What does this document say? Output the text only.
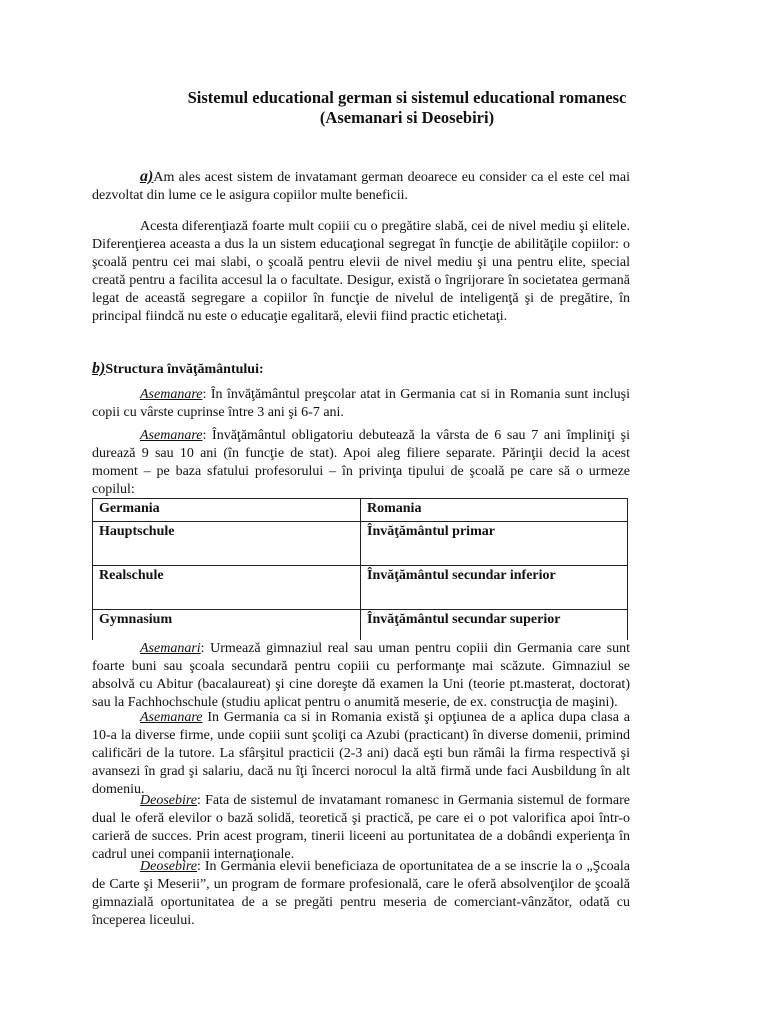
Sistemul educational german si sistemul educational romanesc
(Asemanari si Deosebiri)
a)Am ales acest sistem de invatamant german deoarece eu consider ca el este cel mai dezvoltat din lume ce le asigura copiilor multe beneficii.
Acesta diferenţiază foarte mult copiii cu o pregătire slabă, cei de nivel mediu şi elitele. Diferenţierea aceasta a dus la un sistem educaţional segregat în funcţie de abilităţile copiilor: o şcoală pentru cei mai slabi, o şcoală pentru elevii de nivel mediu şi una pentru elite, special creată pentru a facilita accesul la o facultate. Desigur, există o îngrijorare în societatea germană legat de această segregare a copiilor în funcţie de nivelul de inteligenţă şi de pregătire, în principal fiindcă nu este o educaţie egalitară, elevii fiind practic etichetaţi.
b)Structura învăţământului:
Asemanare: În învăţământul preşcolar atat in Germania cat si in Romania sunt incluşi copii cu vârste cuprinse între 3 ani şi 6-7 ani.
Asemanare: Învăţământul obligatoriu debutează la vârsta de 6 sau 7 ani împliniţi şi durează 9 sau 10 ani (în funcţie de stat). Apoi aleg filiere separate. Părinţii decid la acest moment – pe baza sfatului profesorului – în privinţa tipului de şcoală pe care să o urmeze copilul:
Germania	Romania
Hauptschule	Învăţământul primar
Realschule	Învăţământul secundar inferior
Gymnasium	Învăţământul secundar superior
Asemanari: Urmează gimnaziul real sau uman pentru copiii din Germania care sunt foarte buni sau şcoala secundară pentru copiii cu performanţe mai scăzute. Gimnaziul se absolvă cu Abitur (bacalaureat) şi cine doreşte dă examen la Uni (teorie pt.masterat, doctorat) sau la Fachhochschule (studiu aplicat pentru o anumită meserie, de ex. construcţia de maşini).
Asemanare In Germania ca si in Romania există şi opţiunea de a aplica dupa clasa a 10-a la diverse firme, unde copiii sunt şcoliţi ca Azubi (practicant) în diverse domenii, primind calificări de la tutore. La sfârşitul practicii (2-3 ani) dacă eşti bun rămâi la firma respectivă şi avansezi în grad şi salariu, dacă nu îţi încerci norocul la altă firmă unde faci Ausbildung în alt domeniu.
Deosebire: Fata de sistemul de invatamant romanesc in Germania sistemul de formare dual le oferă elevilor o bază solidă, teoretică şi practică, pe care ei o pot valorifica apoi într-o carieră de succes. Prin acest program, tinerii liceeni au portunitatea de a dobândi experienţa în cadrul unei companii internaţionale.
Deosebire: In Germania elevii beneficiaza de oportunitatea de a se inscrie la o „Şcoala de Carte şi Meserii”, un program de formare profesională, care le oferă absolvenţilor de şcoală gimnazială oportunitatea de a se pregăti pentru meseria de comerciant-vânzător, odată cu începerea liceului.
